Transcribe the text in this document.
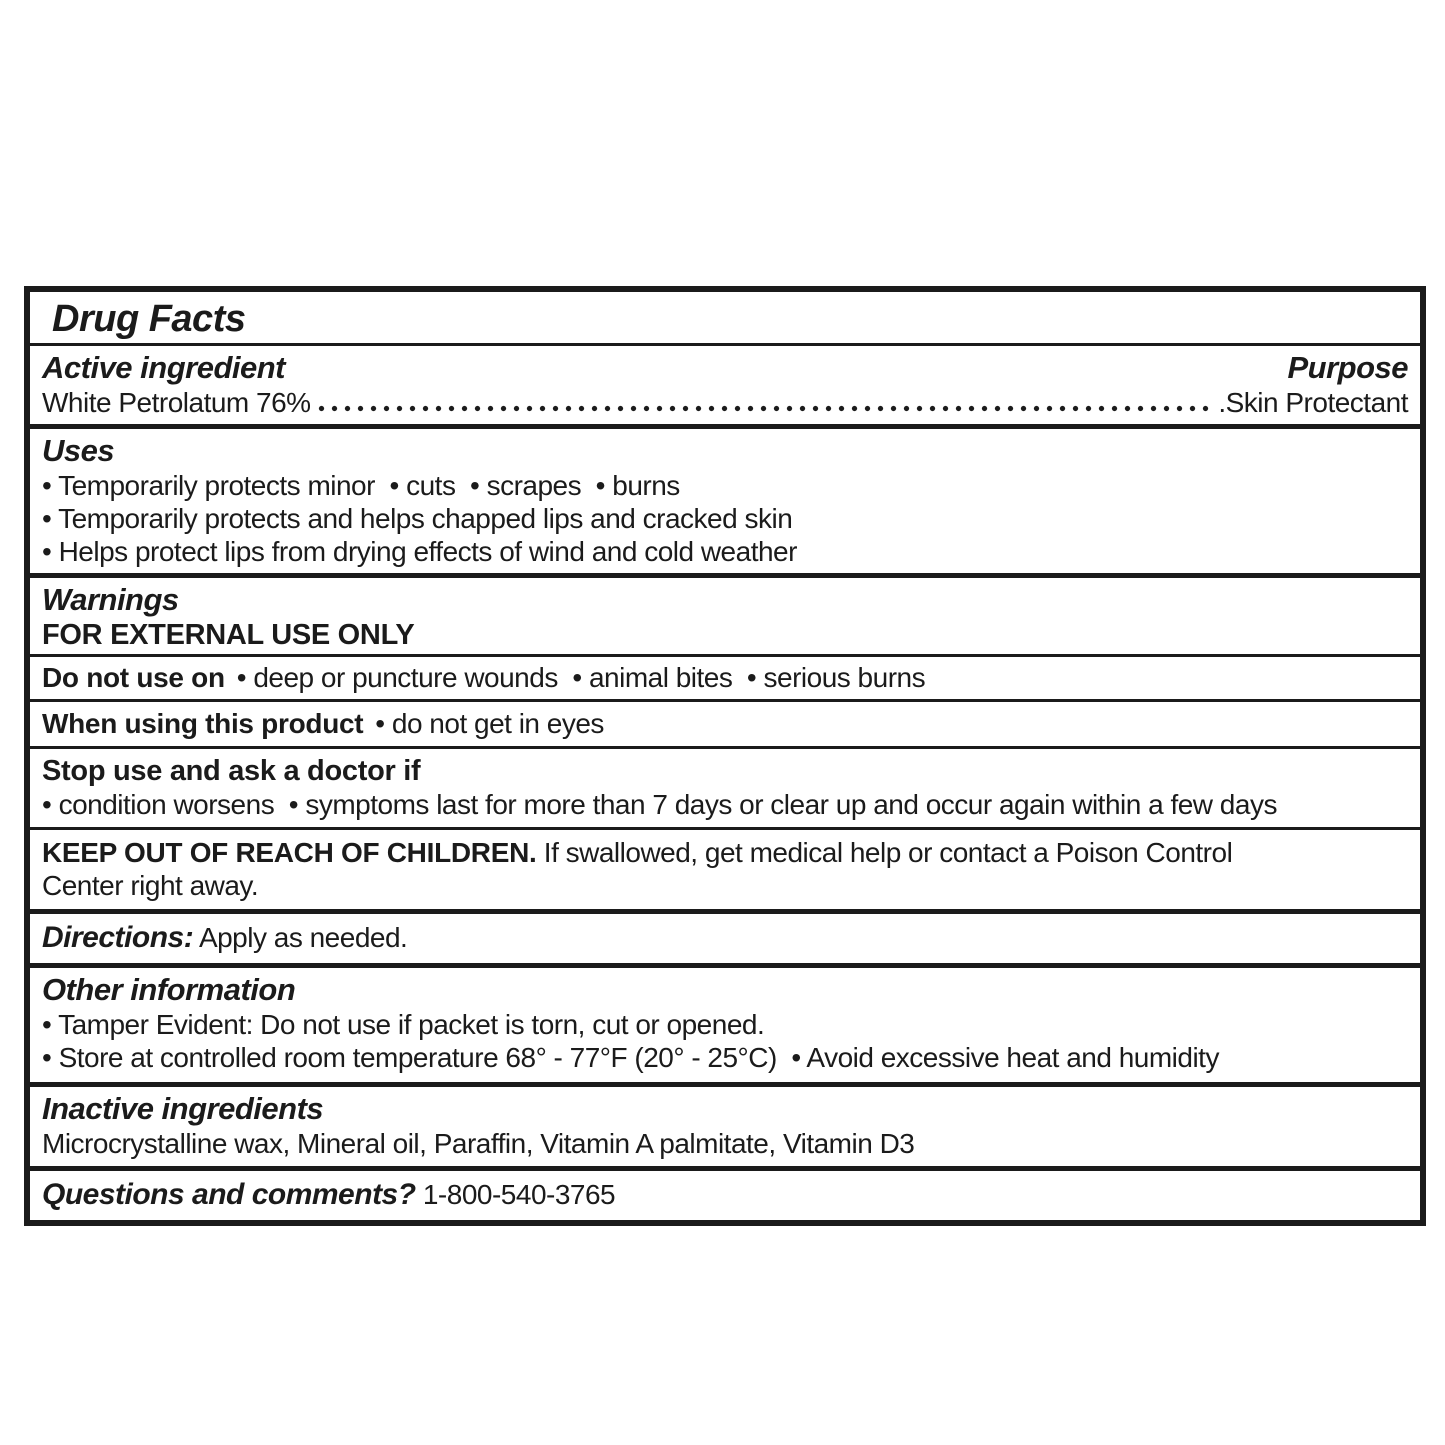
Drug Facts
Active ingredient	Purpose
White Petrolatum 76%	.Skin Protectant
Uses
• Temporarily protects minor  • cuts  • scrapes  • burns
• Temporarily protects and helps chapped lips and cracked skin
• Helps protect lips from drying effects of wind and cold weather
Warnings
FOR EXTERNAL USE ONLY
Do not use on • deep or puncture wounds  • animal bites  • serious burns
When using this product • do not get in eyes
Stop use and ask a doctor if
• condition worsens  • symptoms last for more than 7 days or clear up and occur again within a few days
KEEP OUT OF REACH OF CHILDREN. If swallowed, get medical help or contact a Poison Control
Center right away.
Directions: Apply as needed.
Other information
• Tamper Evident: Do not use if packet is torn, cut or opened.
• Store at controlled room temperature 68° - 77°F (20° - 25°C)  • Avoid excessive heat and humidity
Inactive ingredients
Microcrystalline wax, Mineral oil, Paraffin, Vitamin A palmitate, Vitamin D3
Questions and comments? 1-800-540-3765
